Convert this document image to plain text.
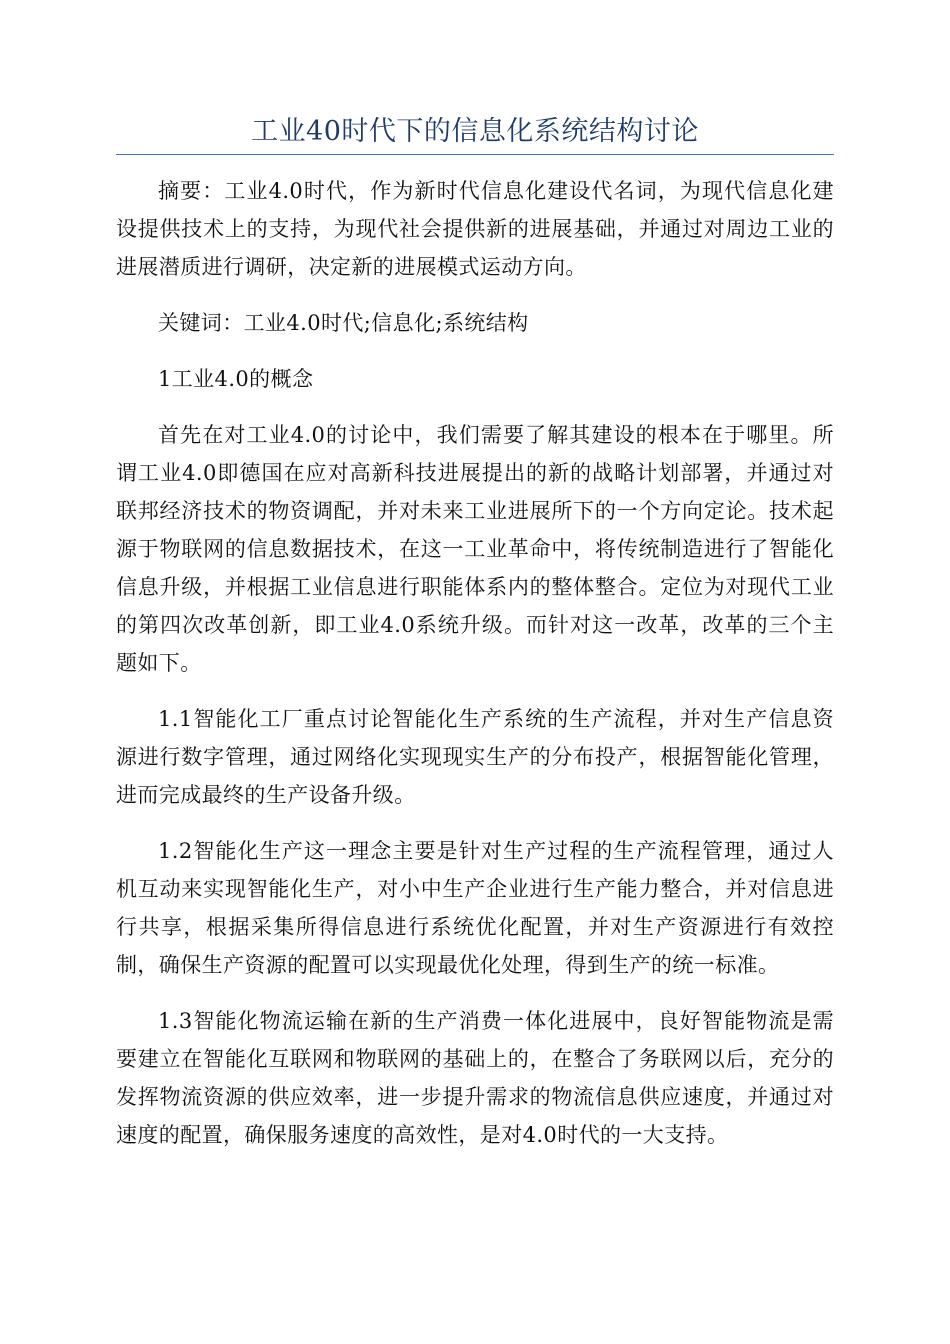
工业40时代下的信息化系统结构讨论

摘要：工业4.0时代，作为新时代信息化建设代名词，为现代信息化建设提供技术上的支持，为现代社会提供新的进展基础，并通过对周边工业的进展潜质进行调研，决定新的进展模式运动方向。

关键词：工业4.0时代;信息化;系统结构

1工业4.0的概念

首先在对工业4.0的讨论中，我们需要了解其建设的根本在于哪里。所谓工业4.0即德国在应对高新科技进展提出的新的战略计划部署，并通过对联邦经济技术的物资调配，并对未来工业进展所下的一个方向定论。技术起源于物联网的信息数据技术，在这一工业革命中，将传统制造进行了智能化信息升级，并根据工业信息进行职能体系内的整体整合。定位为对现代工业的第四次改革创新，即工业4.0系统升级。而针对这一改革，改革的三个主题如下。

1.1智能化工厂重点讨论智能化生产系统的生产流程，并对生产信息资源进行数字管理，通过网络化实现现实生产的分布投产，根据智能化管理，进而完成最终的生产设备升级。

1.2智能化生产这一理念主要是针对生产过程的生产流程管理，通过人机互动来实现智能化生产，对小中生产企业进行生产能力整合，并对信息进行共享，根据采集所得信息进行系统优化配置，并对生产资源进行有效控制，确保生产资源的配置可以实现最优化处理，得到生产的统一标准。

1.3智能化物流运输在新的生产消费一体化进展中，良好智能物流是需要建立在智能化互联网和物联网的基础上的，在整合了务联网以后，充分的发挥物流资源的供应效率，进一步提升需求的物流信息供应速度，并通过对速度的配置，确保服务速度的高效性，是对4.0时代的一大支持。
